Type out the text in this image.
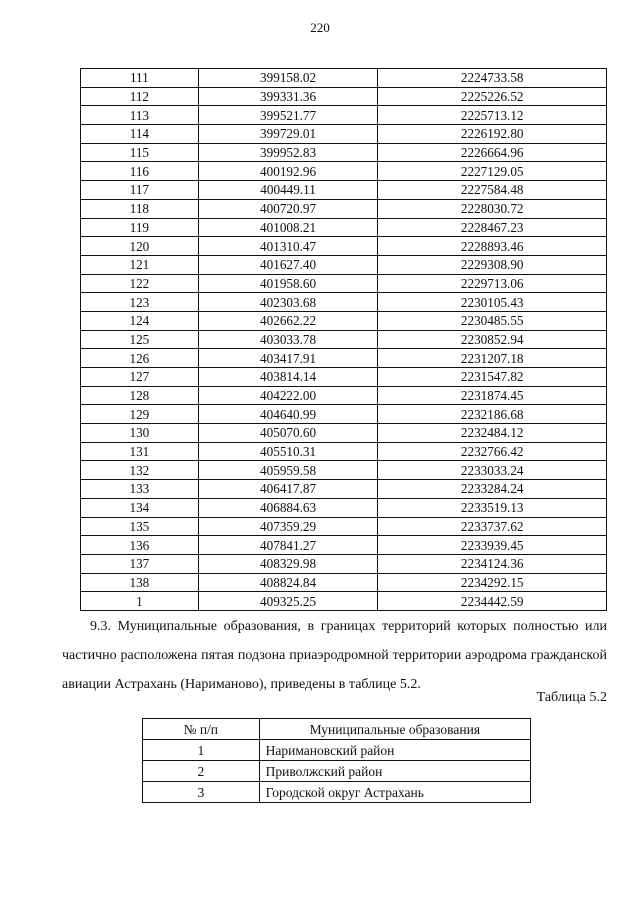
220
111	399158.02	2224733.58
112	399331.36	2225226.52
113	399521.77	2225713.12
114	399729.01	2226192.80
115	399952.83	2226664.96
116	400192.96	2227129.05
117	400449.11	2227584.48
118	400720.97	2228030.72
119	401008.21	2228467.23
120	401310.47	2228893.46
121	401627.40	2229308.90
122	401958.60	2229713.06
123	402303.68	2230105.43
124	402662.22	2230485.55
125	403033.78	2230852.94
126	403417.91	2231207.18
127	403814.14	2231547.82
128	404222.00	2231874.45
129	404640.99	2232186.68
130	405070.60	2232484.12
131	405510.31	2232766.42
132	405959.58	2233033.24
133	406417.87	2233284.24
134	406884.63	2233519.13
135	407359.29	2233737.62
136	407841.27	2233939.45
137	408329.98	2234124.36
138	408824.84	2234292.15
1	409325.25	2234442.59

9.3. Муниципальные образования, в границах территорий которых полностью или частично расположена пятая подзона приаэродромной территории аэродрома гражданской авиации Астрахань (Нариманово), приведены в таблице 5.2.

Таблица 5.2
№ п/п	Муниципальные образования
1	Наримановский район
2	Приволжский район
3	Городской округ Астрахань
